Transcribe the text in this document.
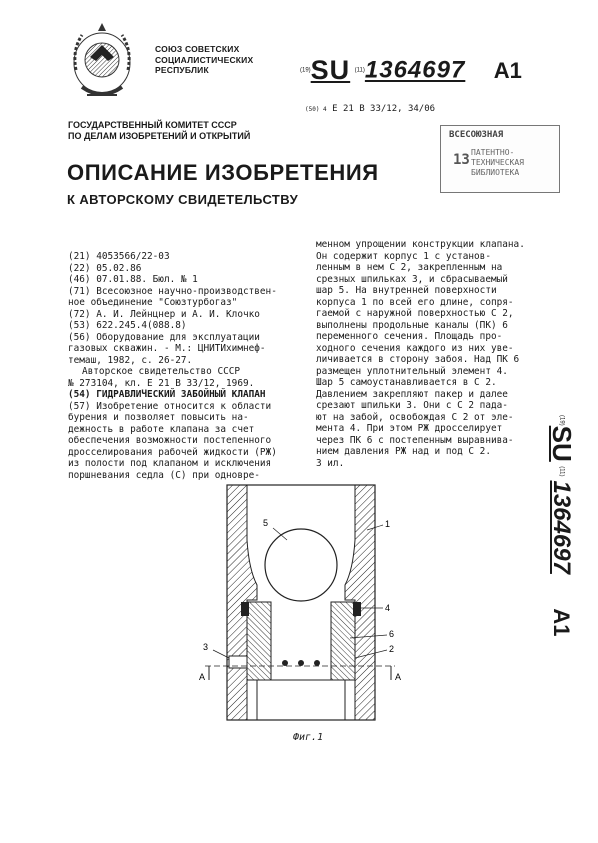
СОЮЗ СОВЕТСКИХ
СОЦИАЛИСТИЧЕСКИХ
РЕСПУБЛИК	(19)SU (11)1364697 A1
(50) 4 Е 21 В 33/12, 34/06
ВСЕСОЮЗНАЯ
13 ПАТЕНТНО-ТЕХНИЧЕСКАЯ БИБЛИОТЕКА
ГОСУДАРСТВЕННЫЙ КОМИТЕТ СССР
ПО ДЕЛАМ ИЗОБРЕТЕНИЙ И ОТКРЫТИЙ
ОПИСАНИЕ ИЗОБРЕТЕНИЯ
К АВТОРСКОМУ СВИДЕТЕЛЬСТВУ
(21) 4053566/22-03
(22) 05.02.86
(46) 07.01.88. Бюл. № 1
(71) Всесоюзное научно-производствен-
ное объединение "Союзтурбогаз"
(72) А. И. Лейнцнер и А. И. Клочко
(53) 622.245.4(088.8)
(56) Оборудование для эксплуатации
газовых скважин. - М.: ЦНИТИхимнеф-
темаш, 1982, с. 26-27.
Авторское свидетельство СССР
№ 273104, кл. Е 21 В 33/12, 1969.
(54) ГИДРАВЛИЧЕСКИЙ ЗАБОЙНЫЙ КЛАПАН
(57) Изобретение относится к области
бурения и позволяет повысить на-
дежность в работе клапана за счет
обеспечения возможности постепенного
дросселирования рабочей жидкости (РЖ)
из полости под клапаном и исключения
поршневания седла (С) при одновре-
менном упрощении конструкции клапана.
Он содержит корпус 1 с установ-
ленным в нем С 2, закрепленным на
срезных шпильках 3, и сбрасываемый
шар 5. На внутренней поверхности
корпуса 1 по всей его длине, сопря-
гаемой с наружной поверхностью С 2,
выполнены продольные каналы (ПК) 6
переменного сечения. Площадь про-
ходного сечения каждого из них уве-
личивается в сторону забоя. Над ПК 6
размещен уплотнительный элемент 4.
Шар 5 самоустанавливается в С 2.
Давлением закрепляют пакер и далее
срезают шпильки 3. Они с С 2 пада-
ют на забой, освобождая С 2 от эле-
мента 4. При этом РЖ дросселирует
через ПК 6 с постепенным выравнива-
нием давления РЖ над и под С 2.
3 ил.
(19)SU (11)1364697 A1
1
4
6
2
5
3
А	А
Фиг.1
